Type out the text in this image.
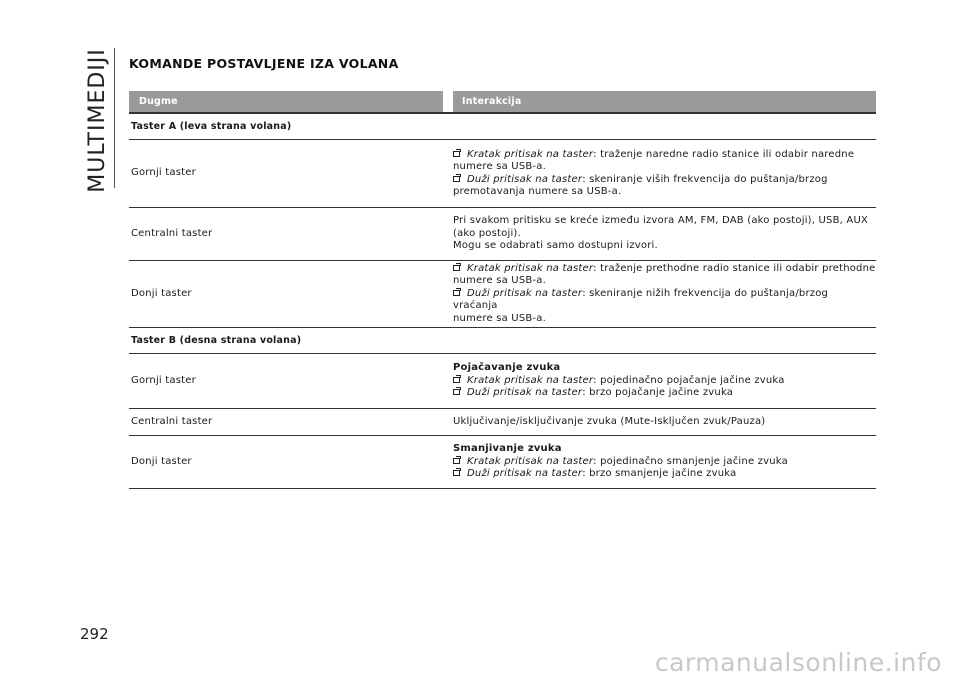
MULTIMEDIJI KOMANDE POSTAVLJENE IZA VOLANA
Dugme	Interakcija
Taster A (leva strana volana)
Gornji taster
Kratak pritisak na taster: traženje naredne radio stanice ili odabir naredne
numere sa USB-a.
Duži pritisak na taster: skeniranje viših frekvencija do puštanja/brzog
premotavanja numere sa USB-a.
Centralni taster
Pri svakom pritisku se kreće između izvora AM, FM, DAB (ako postoji), USB, AUX
(ako postoji).
Mogu se odabrati samo dostupni izvori.
Donji taster
Kratak pritisak na taster: traženje prethodne radio stanice ili odabir prethodne
numere sa USB-a.
Duži pritisak na taster: skeniranje nižih frekvencija do puštanja/brzog vraćanja
numere sa USB-a.
Taster B (desna strana volana)
Gornji taster
Pojačavanje zvuka
Kratak pritisak na taster: pojedinačno pojačanje jačine zvuka
Duži pritisak na taster: brzo pojačanje jačine zvuka
Centralni taster	Uključivanje/isključivanje zvuka (Mute-Isključen zvuk/Pauza)
Donji taster
Smanjivanje zvuka
Kratak pritisak na taster: pojedinačno smanjenje jačine zvuka
Duži pritisak na taster: brzo smanjenje jačine zvuka
292
carmanualsonline.info
